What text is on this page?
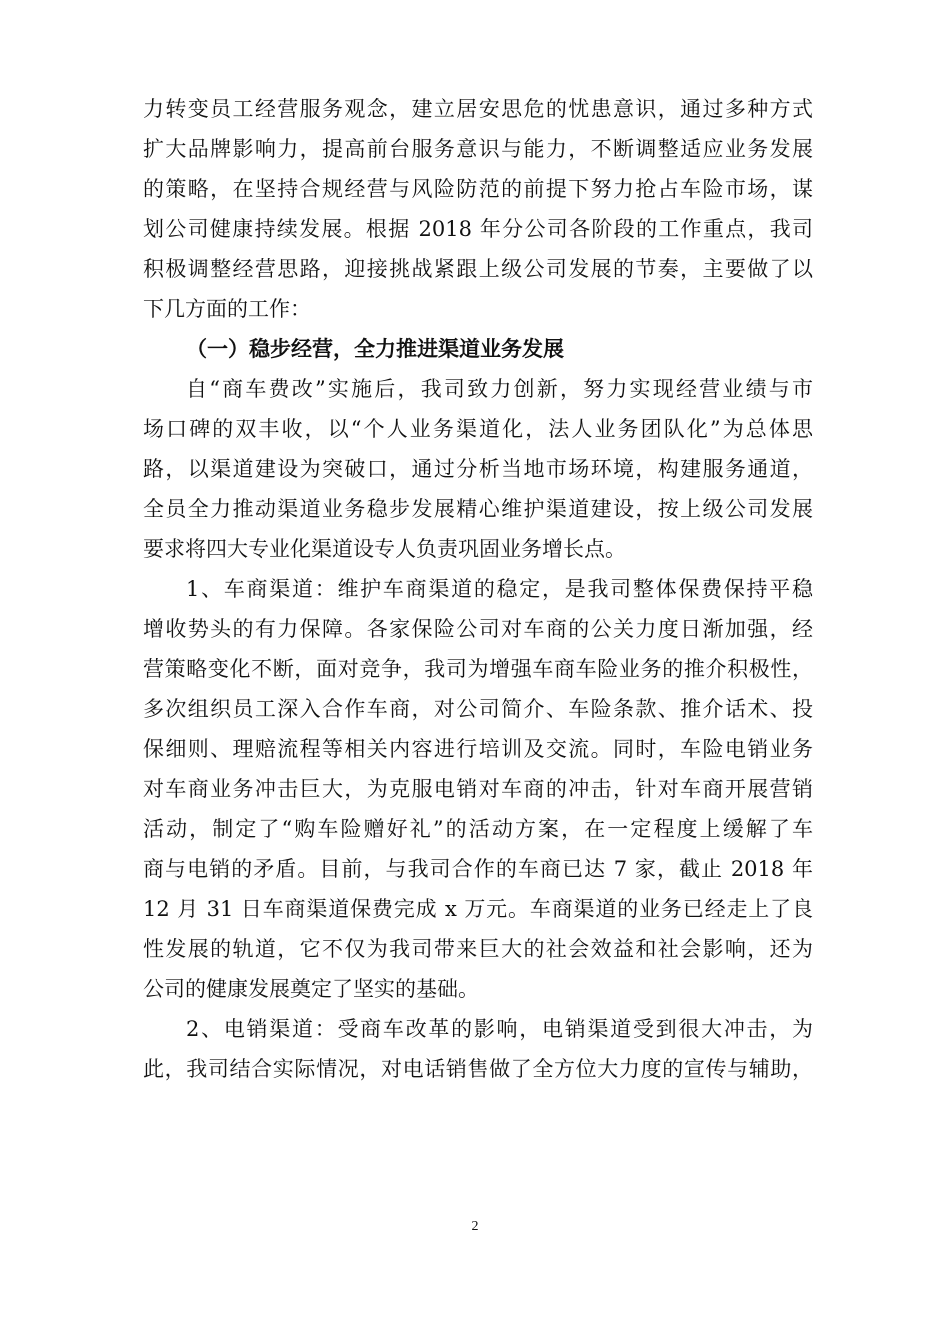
力转变员工经营服务观念，建立居安思危的忧患意识，通过多种方式
扩大品牌影响力，提高前台服务意识与能力，不断调整适应业务发展
的策略，在坚持合规经营与风险防范的前提下努力抢占车险市场，谋
划公司健康持续发展。根据 2018 年分公司各阶段的工作重点，我司
积极调整经营思路，迎接挑战紧跟上级公司发展的节奏，主要做了以
下几方面的工作：
（一）稳步经营，全力推进渠道业务发展
自“商车费改”实施后，我司致力创新，努力实现经营业绩与市
场口碑的双丰收，以“个人业务渠道化，法人业务团队化”为总体思
路，以渠道建设为突破口，通过分析当地市场环境，构建服务通道，
全员全力推动渠道业务稳步发展精心维护渠道建设，按上级公司发展
要求将四大专业化渠道设专人负责巩固业务增长点。
1、车商渠道：维护车商渠道的稳定，是我司整体保费保持平稳
增收势头的有力保障。各家保险公司对车商的公关力度日渐加强，经
营策略变化不断，面对竞争，我司为增强车商车险业务的推介积极性，
多次组织员工深入合作车商，对公司简介、车险条款、推介话术、投
保细则、理赔流程等相关内容进行培训及交流。同时，车险电销业务
对车商业务冲击巨大，为克服电销对车商的冲击，针对车商开展营销
活动，制定了“购车险赠好礼”的活动方案，在一定程度上缓解了车
商与电销的矛盾。目前，与我司合作的车商已达 7 家，截止 2018 年
12 月 31 日车商渠道保费完成 x 万元。车商渠道的业务已经走上了良
性发展的轨道，它不仅为我司带来巨大的社会效益和社会影响，还为
公司的健康发展奠定了坚实的基础。
2、电销渠道：受商车改革的影响，电销渠道受到很大冲击，为
此，我司结合实际情况，对电话销售做了全方位大力度的宣传与辅助，
2
